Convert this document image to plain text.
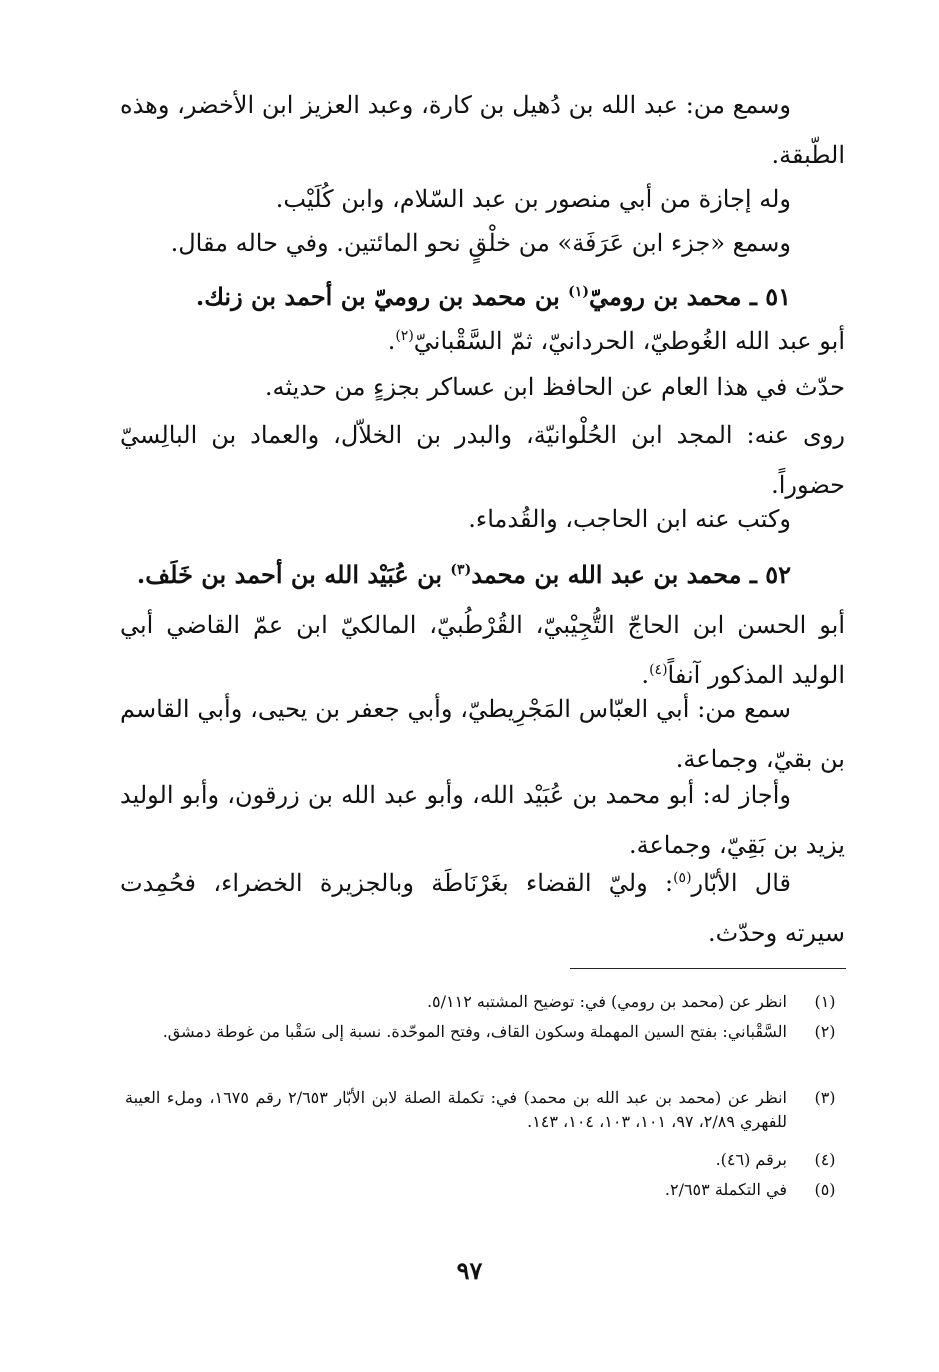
وسمع من: عبد الله بن دُهيل بن كارة، وعبد العزيز ابن الأخضر، وهذه الطّبقة.

وله إجازة من أبي منصور بن عبد السّلام، وابن كُلَيْب.

وسمع «جزء ابن عَرَفَة» من خلْقٍ نحو المائتين. وفي حاله مقال.

٥١ ـ محمد بن روميّ$^{(١)}$ بن محمد بن روميّ بن أحمد بن زنك.

أبو عبد الله الغُوطيّ، الحردانيّ، ثمّ السَّقْبانيّ$^{(٢)}$.

حدّث في هذا العام عن الحافظ ابن عساكر بجزءٍ من حديثه.

روى عنه: المجد ابن الحُلْوانيّة، والبدر بن الخلاّل، والعماد بن البالِسيّ حضوراً.

وكتب عنه ابن الحاجب، والقُدماء.

٥٢ ـ محمد بن عبد الله بن محمد$^{(٣)}$ بن عُبَيْد الله بن أحمد بن خَلَف.

أبو الحسن ابن الحاجّ التُّجِيْبيّ، القُرْطُبيّ، المالكيّ ابن عمّ القاضي أبي الوليد المذكور آنفاً$^{(٤)}$.

سمع من: أبي العبّاس المَجْرِيطيّ، وأبي جعفر بن يحيى، وأبي القاسم بن بقيّ، وجماعة.

وأجاز له: أبو محمد بن عُبَيْد الله، وأبو عبد الله بن زرقون، وأبو الوليد يزيد بن بَقِيّ، وجماعة.

قال الأبّار$^{(٥)}$: وليّ القضاء بغَرْنَاطَة وبالجزيرة الخضراء، فحُمِدت سيرته وحدّث.

(١)
انظر عن (محمد بن رومي) في: توضيح المشتبه ٥/١١٢.

(٢)
السَّقْباني: بفتح السين المهملة وسكون القاف، وفتح الموحّدة. نسبة إلى سَقْبا من غوطة دمشق.

(٣)
انظر عن (محمد بن عبد الله بن محمد) في: تكملة الصلة لابن الأبّار ٢/٦٥٣ رقم ١٦٧٥، وملء العيبة للفهري ٢/٨٩، ٩٧، ١٠١، ١٠٣، ١٠٤، ١٤٣.

(٤)
برقم (٤٦).

(٥)
في التكملة ٢/٦٥٣.

٩٧
